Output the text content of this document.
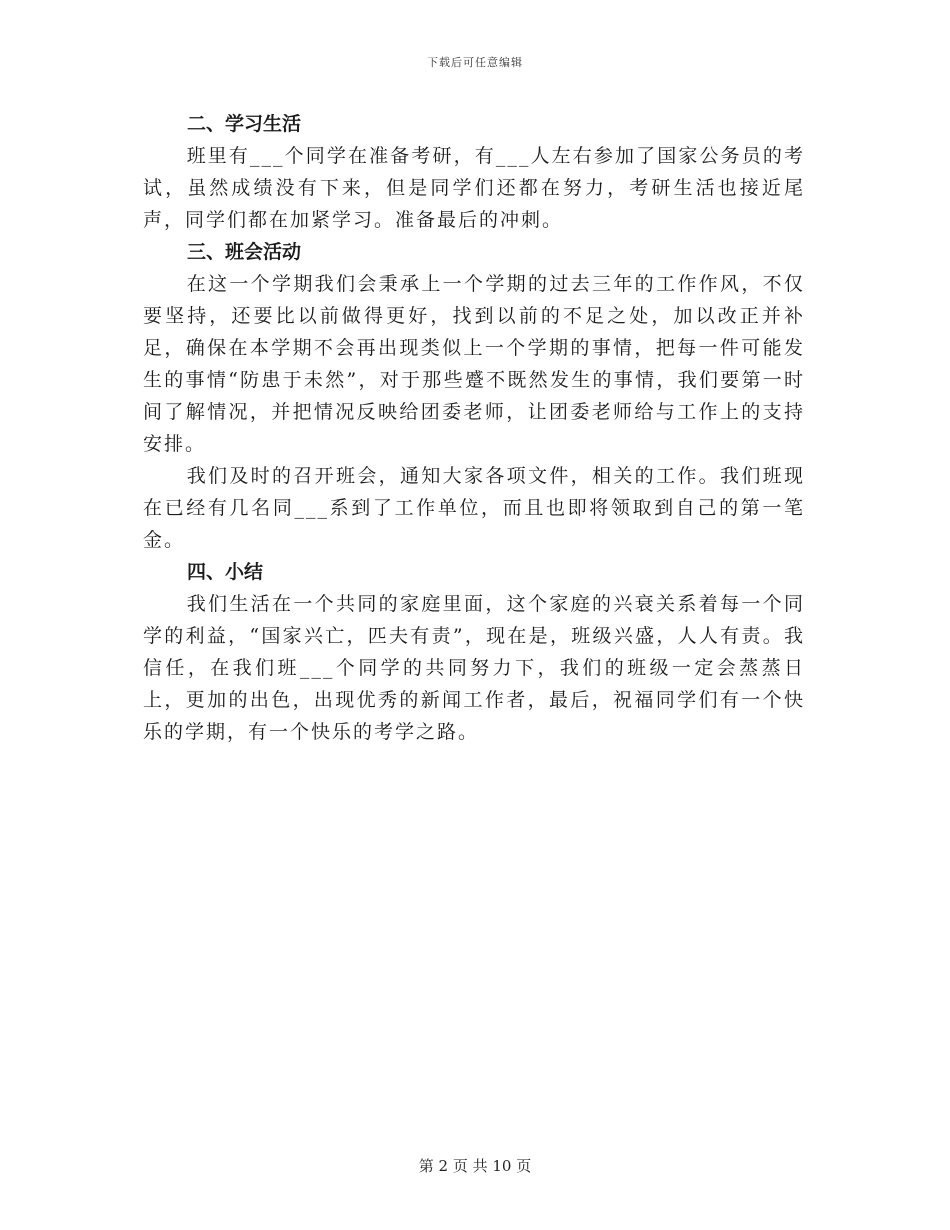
下载后可任意编辑
二、学习生活

班里有___个同学在准备考研，有___人左右参加了国家公务员的考试，虽然成绩没有下来，但是同学们还都在努力，考研生活也接近尾声，同学们都在加紧学习。准备最后的冲刺。

三、班会活动

在这一个学期我们会秉承上一个学期的过去三年的工作作风，不仅要坚持，还要比以前做得更好，找到以前的不足之处，加以改正并补足，确保在本学期不会再出现类似上一个学期的事情，把每一件可能发生的事情“防患于未然”，对于那些蹙不既然发生的事情，我们要第一时间了解情况，并把情况反映给团委老师，让团委老师给与工作上的支持安排。

我们及时的召开班会，通知大家各项文件，相关的工作。我们班现在已经有几名同___系到了工作单位，而且也即将领取到自己的第一笔金。

四、小结

我们生活在一个共同的家庭里面，这个家庭的兴衰关系着每一个同学的利益，“国家兴亡，匹夫有责”，现在是，班级兴盛，人人有责。我信任，在我们班___个同学的共同努力下，我们的班级一定会蒸蒸日上，更加的出色，出现优秀的新闻工作者，最后，祝福同学们有一个快乐的学期，有一个快乐的考学之路。

第 2 页 共 10 页
